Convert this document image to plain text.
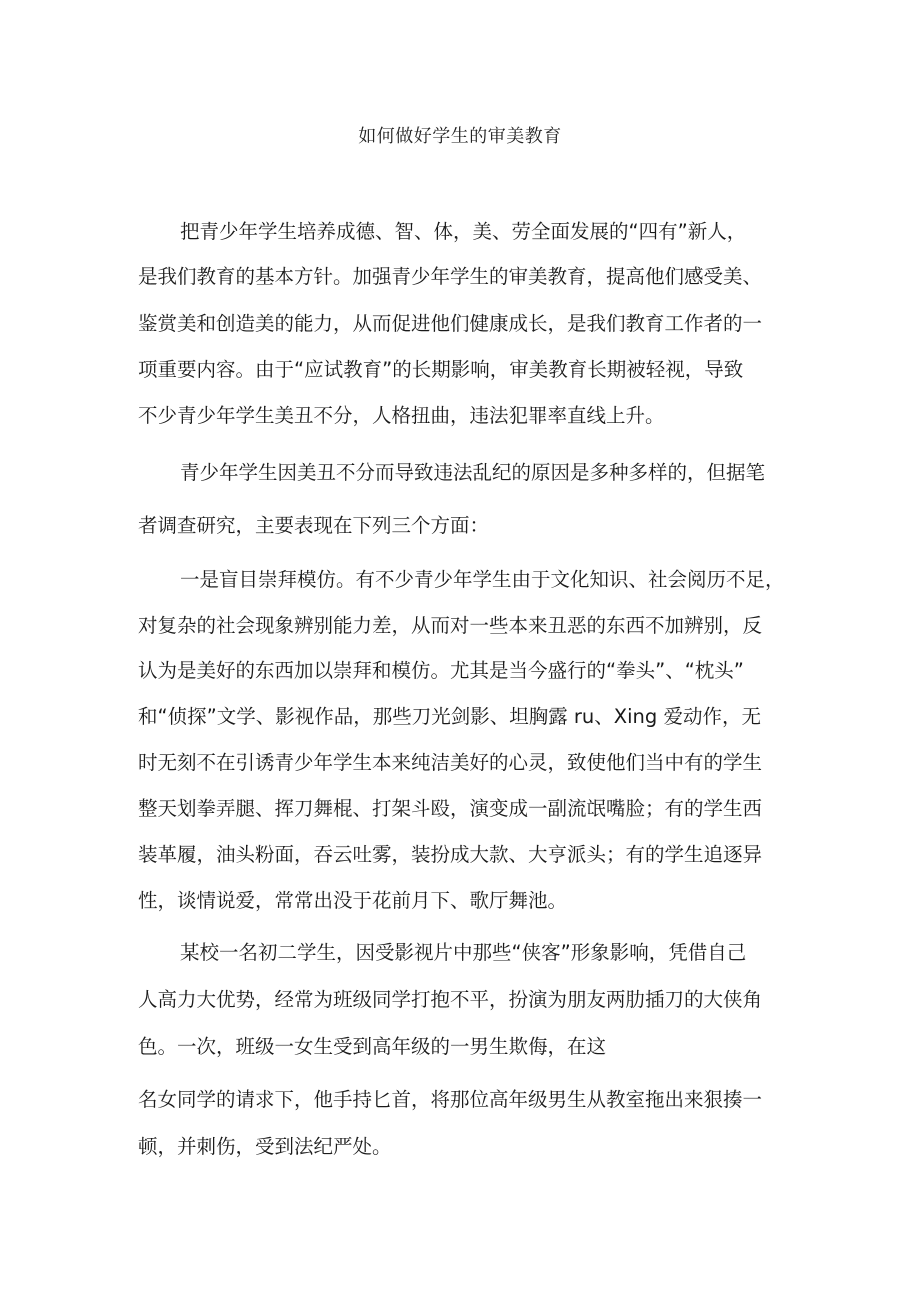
如何做好学生的审美教育
把青少年学生培养成德、智、体，美、劳全面发展的“四有”新人，
是我们教育的基本方针。加强青少年学生的审美教育，提高他们感受美、
鉴赏美和创造美的能力，从而促进他们健康成长，是我们教育工作者的一
项重要内容。由于“应试教育”的长期影响，审美教育长期被轻视，导致
不少青少年学生美丑不分，人格扭曲，违法犯罪率直线上升。
青少年学生因美丑不分而导致违法乱纪的原因是多种多样的，但据笔
者调查研究，主要表现在下列三个方面：
一是盲目崇拜模仿。有不少青少年学生由于文化知识、社会阅历不足，
对复杂的社会现象辨别能力差，从而对一些本来丑恶的东西不加辨别，反
认为是美好的东西加以崇拜和模仿。尤其是当今盛行的“拳头”、“枕头”
和“侦探”文学、影视作品，那些刀光剑影、坦胸露 ru、Xing 爱动作，无
时无刻不在引诱青少年学生本来纯洁美好的心灵，致使他们当中有的学生
整天划拳弄腿、挥刀舞棍、打架斗殴，演变成一副流氓嘴脸；有的学生西
装革履，油头粉面，吞云吐雾，装扮成大款、大亨派头；有的学生追逐异
性，谈情说爱，常常出没于花前月下、歌厅舞池。
某校一名初二学生，因受影视片中那些“侠客”形象影响，凭借自己
人高力大优势，经常为班级同学打抱不平，扮演为朋友两肋插刀的大侠角
色。一次，班级一女生受到高年级的一男生欺侮，在这
名女同学的请求下，他手持匕首，将那位高年级男生从教室拖出来狠揍一
顿，并刺伤，受到法纪严处。
